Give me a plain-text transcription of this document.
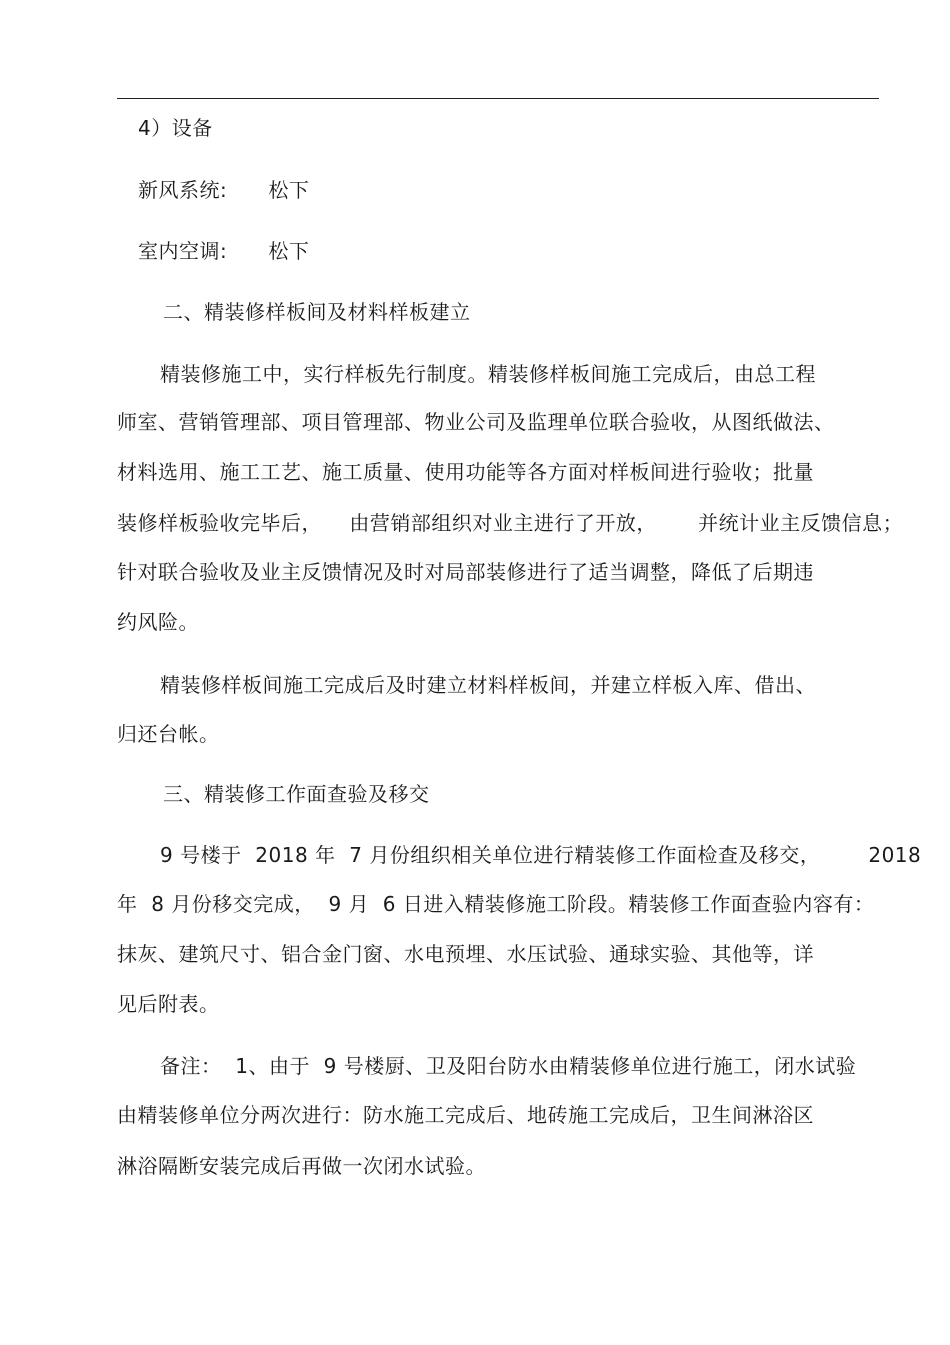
4）设备
新风系统:      松下
室内空调:      松下
二、精装修样板间及材料样板建立
精装修施工中，实行样板先行制度。精装修样板间施工完成后，由总工程
师室、营销管理部、项目管理部、物业公司及监理单位联合验收，从图纸做法、
材料选用、施工工艺、施工质量、使用功能等各方面对样板间进行验收；批量
装修样板验收完毕后，    由营销部组织对业主进行了开放，      并统计业主反馈信息；
针对联合验收及业主反馈情况及时对局部装修进行了适当调整，降低了后期违
约风险。
精装修样板间施工完成后及时建立材料样板间，并建立样板入库、借出、
归还台帐。
三、精装修工作面查验及移交
9 号楼于  2018 年  7 月份组织相关单位进行精装修工作面检查及移交，       2018
年  8 月份移交完成，  9 月  6 日进入精装修施工阶段。精装修工作面查验内容有：
抹灰、建筑尺寸、铝合金门窗、水电预埋、水压试验、通球实验、其他等，详
见后附表。
备注：  1、由于  9 号楼厨、卫及阳台防水由精装修单位进行施工，闭水试验
由精装修单位分两次进行：防水施工完成后、地砖施工完成后，卫生间淋浴区
淋浴隔断安装完成后再做一次闭水试验。
